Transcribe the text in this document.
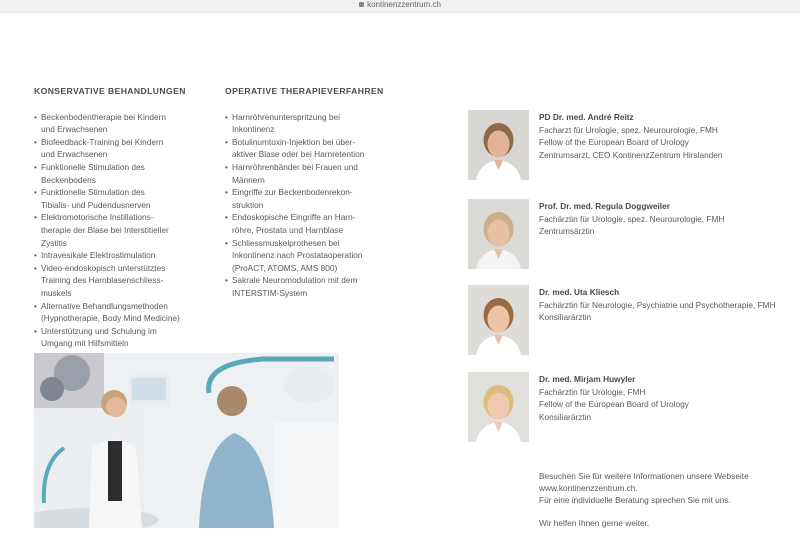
kontinenzzentrum.ch
KONSERVATIVE BEHANDLUNGEN
• Beckenbodentherapie bei Kindern
und Erwachsenen
• Biofeedback-Training bei Kindern
und Erwachsenen
• Funktionelle Stimulation des
Beckenbodens
• Funktionelle Stimulation des
Tibialis- und Pudendusnerven
• Elektromotorische Instillations-
therapie der Blase bei Interstitieller
Zystitis
• Intravesikale Elektrostimulation
• Video-endoskopisch unterstütztes
Training des Harnblasenschliess-
muskels
• Alternative Behandlungsmethoden
(Hypnotherapie, Body Mind Medicine)
• Unterstützung und Schulung im
Umgang mit Hilfsmitteln
OPERATIVE THERAPIEVERFAHREN
• Harnröhrenunterspritzung bei
Inkontinenz
• Botulinumtoxin-Injektion bei über-
aktiver Blase oder bei Harnretention
• Harnröhrenbänder bei Frauen und
Männern
• Eingriffe zur Beckenbodenrekon-
struktion
• Endoskopische Eingriffe an Harn-
röhre, Prostata und Harnblase
• Schliessmuskelprothesen bei
Inkontinenz nach Prostataoperation
(ProACT, ATOMS, AMS 800)
• Sakrale Neuromodulation mit dem
INTERSTIM-System
PD Dr. med. André Reitz
Facharzt für Urologie, spez. Neurourologie, FMH
Fellow of the European Board of Urology
Zentrumsarzt, CEO KontinenzZentrum Hirslanden
Prof. Dr. med. Regula Doggweiler
Fachärztin für Urologie, spez. Neurourologie, FMH
Zentrumsärztin
Dr. med. Uta Kliesch
Fachärztin für Neurologie, Psychiatrie und Psychotherapie, FMH
Konsiliarärztin
Dr. med. Mirjam Huwyler
Fachärztin für Urologie, FMH
Fellow of the European Board of Urology
Konsiliarärztin
Besuchen Sie für weitere Informationen unsere Webseite
www.kontinenzzentrum.ch.
Für eine individuelle Beratung sprechen Sie mit uns.
Wir helfen Ihnen gerne weiter.
